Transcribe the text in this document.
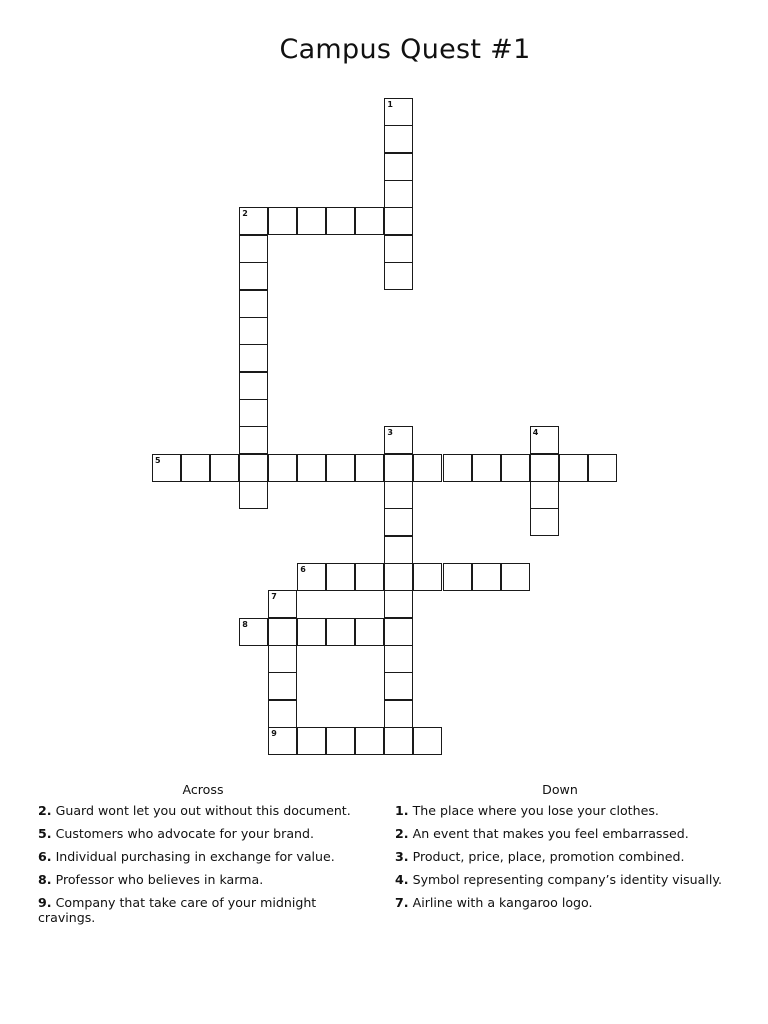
Campus Quest #1
1
2
3	4
5
6
7
9
8
Across
2. Guard wont let you out without this document.
5. Customers who advocate for your brand.
6. Individual purchasing in exchange for value.
8. Professor who believes in karma.
9. Company that take care of your midnight cravings.
Down
1. The place where you lose your clothes.
2. An event that makes you feel embarrassed.
3. Product, price, place, promotion combined.
4. Symbol representing company’s identity visually.
7. Airline with a kangaroo logo.
